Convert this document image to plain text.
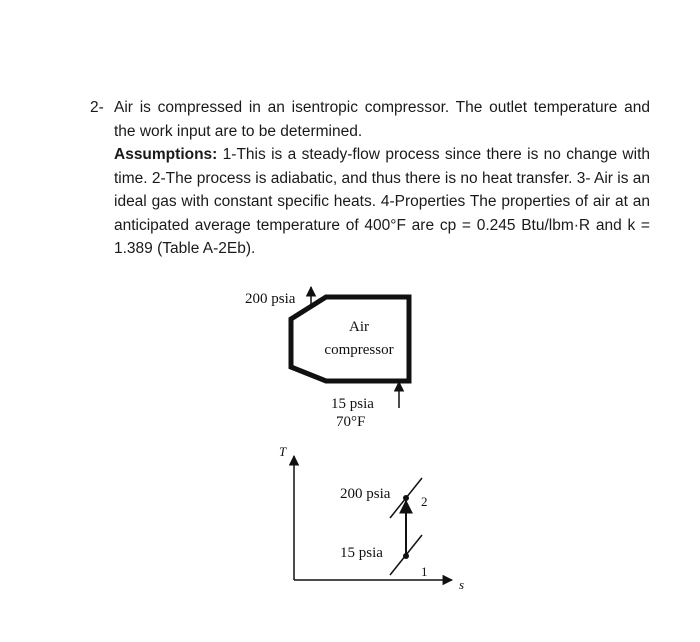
2- Air is compressed in an isentropic compressor. The outlet temperature and the work input are to be determined.
Assumptions: 1-This is a steady-flow process since there is no change with time. 2-The process is adiabatic, and thus there is no heat transfer. 3- Air is an ideal gas with constant specific heats. 4-Properties The properties of air at an anticipated average temperature of 400°F are cp = 0.245 Btu/lbm·R and k = 1.389 (Table A-2Eb).
200 psia
Air
compressor
15 psia
70°F
T
s
200 psia
15 psia
2
1
